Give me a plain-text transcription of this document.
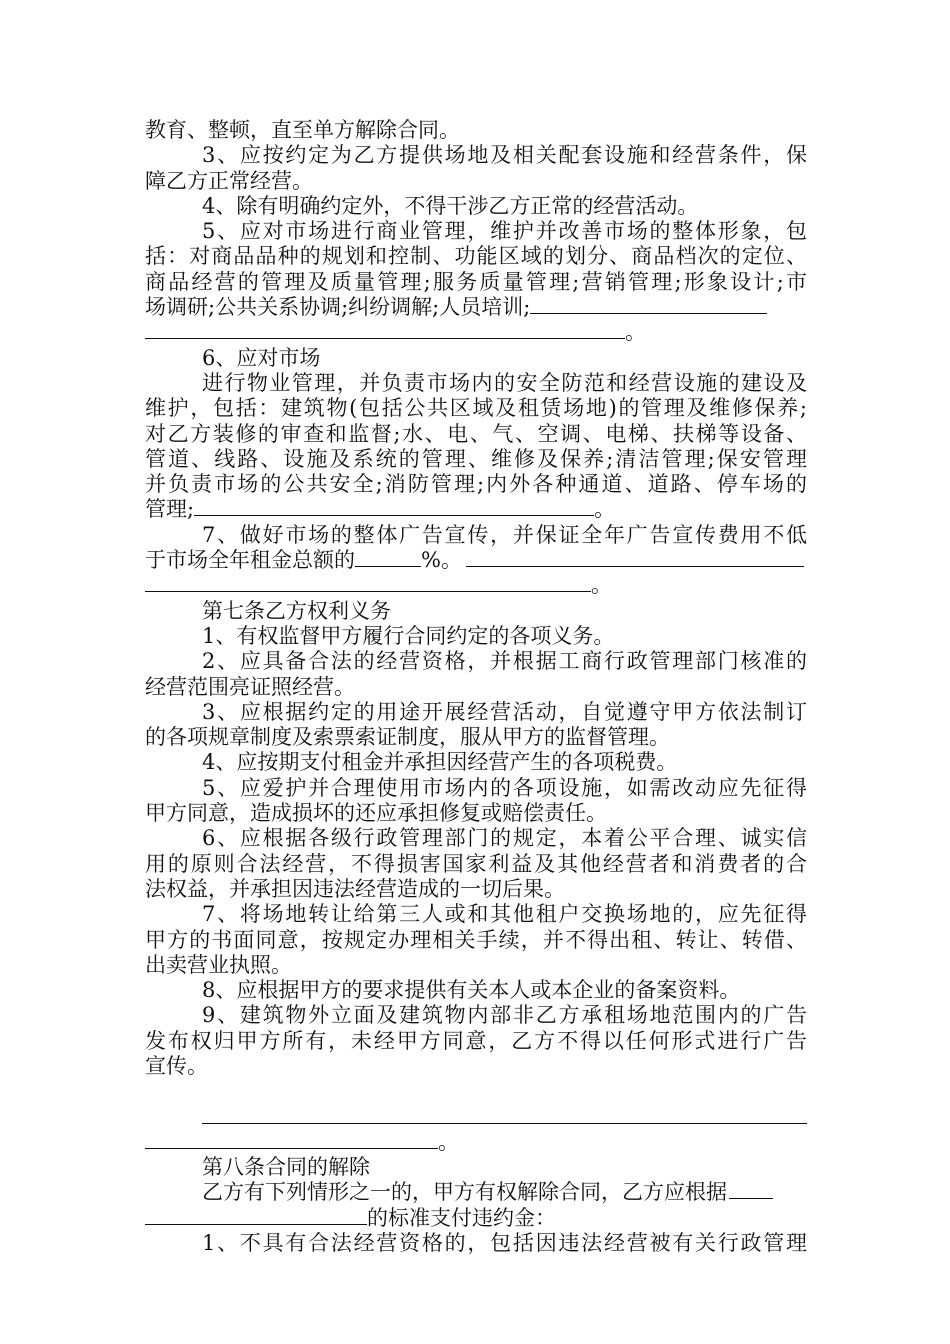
教育、整顿，直至单方解除合同。
3、应按约定为乙方提供场地及相关配套设施和经营条件，保
障乙方正常经营。
4、除有明确约定外，不得干涉乙方正常的经营活动。
5、应对市场进行商业管理，维护并改善市场的整体形象，包
括：对商品品种的规划和控制、功能区域的划分、商品档次的定位、
商品经营的管理及质量管理;服务质量管理;营销管理;形象设计;市
场调研;公共关系协调;纠纷调解;人员培训;
。
6、应对市场
进行物业管理，并负责市场内的安全防范和经营设施的建设及
维护，包括：建筑物(包括公共区域及租赁场地)的管理及维修保养;
对乙方装修的审查和监督;水、电、气、空调、电梯、扶梯等设备、
管道、线路、设施及系统的管理、维修及保养;清洁管理;保安管理
并负责市场的公共安全;消防管理;内外各种通道、道路、停车场的
管理;	。
7、做好市场的整体广告宣传，并保证全年广告宣传费用不低
于市场全年租金总额的	%。
。
第七条乙方权利义务
1、有权监督甲方履行合同约定的各项义务。
2、应具备合法的经营资格，并根据工商行政管理部门核准的
经营范围亮证照经营。
3、应根据约定的用途开展经营活动，自觉遵守甲方依法制订
的各项规章制度及索票索证制度，服从甲方的监督管理。
4、应按期支付租金并承担因经营产生的各项税费。
5、应爱护并合理使用市场内的各项设施，如需改动应先征得
甲方同意，造成损坏的还应承担修复或赔偿责任。
6、应根据各级行政管理部门的规定，本着公平合理、诚实信
用的原则合法经营，不得损害国家利益及其他经营者和消费者的合
法权益，并承担因违法经营造成的一切后果。
7、将场地转让给第三人或和其他租户交换场地的，应先征得
甲方的书面同意，按规定办理相关手续，并不得出租、转让、转借、
出卖营业执照。
8、应根据甲方的要求提供有关本人或本企业的备案资料。
9、建筑物外立面及建筑物内部非乙方承租场地范围内的广告
发布权归甲方所有，未经甲方同意，乙方不得以任何形式进行广告
宣传。
。
第八条合同的解除
乙方有下列情形之一的，甲方有权解除合同，乙方应根据
的标准支付违约金：
1、不具有合法经营资格的，包括因违法经营被有关行政管理
